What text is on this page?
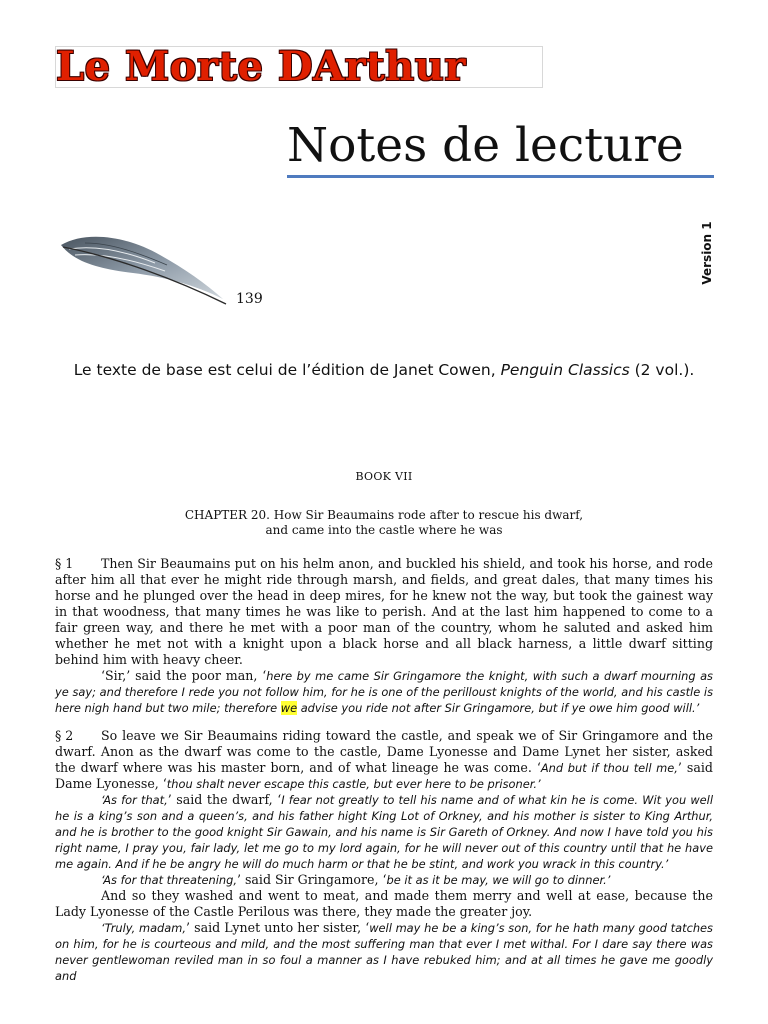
Le Morte DArthur
Notes de lecture
139
Version 1
Le texte de base est celui de l’édition de Janet Cowen, Penguin Classics (2 vol.).
BOOK VII
CHAPTER 20. How Sir Beaumains rode after to rescue his dwarf,
and came into the castle where he was

§ 1 Then Sir Beaumains put on his helm anon, and buckled his shield, and took his horse, and rode after him all that ever he might ride through marsh, and fields, and great dales, that many times his horse and he plunged over the head in deep mires, for he knew not the way, but took the gainest way in that woodness, that many times he was like to perish. And at the last him happened to come to a fair green way, and there he met with a poor man of the country, whom he saluted and asked him whether he met not with a knight upon a black horse and all black harness, a little dwarf sitting behind him with heavy cheer.

‘Sir,’ said the poor man, ‘here by me came Sir Gringamore the knight, with such a dwarf mourning as ye say; and therefore I rede you not follow him, for he is one of the perilloust knights of the world, and his castle is here nigh hand but two mile; therefore we advise you ride not after Sir Gringamore, but if ye owe him good will.’

§ 2 So leave we Sir Beaumains riding toward the castle, and speak we of Sir Gringamore and the dwarf. Anon as the dwarf was come to the castle, Dame Lyonesse and Dame Lynet her sister, asked the dwarf where was his master born, and of what lineage he was come. ‘And but if thou tell me,’ said Dame Lyonesse, ‘thou shalt never escape this castle, but ever here to be prisoner.’

‘As for that,’ said the dwarf, ‘I fear not greatly to tell his name and of what kin he is come. Wit you well he is a king’s son and a queen’s, and his father hight King Lot of Orkney, and his mother is sister to King Arthur, and he is brother to the good knight Sir Gawain, and his name is Sir Gareth of Orkney. And now I have told you his right name, I pray you, fair lady, let me go to my lord again, for he will never out of this country until that he have me again. And if he be angry he will do much harm or that he be stint, and work you wrack in this country.’

‘As for that threatening,’ said Sir Gringamore, ‘be it as it be may, we will go to dinner.’

And so they washed and went to meat, and made them merry and well at ease, because the Lady Lyonesse of the Castle Perilous was there, they made the greater joy.

‘Truly, madam,’ said Lynet unto her sister, ‘well may he be a king’s son, for he hath many good tatches on him, for he is courteous and mild, and the most suffering man that ever I met withal. For I dare say there was never gentlewoman reviled man in so foul a manner as I have rebuked him; and at all times he gave me goodly and
